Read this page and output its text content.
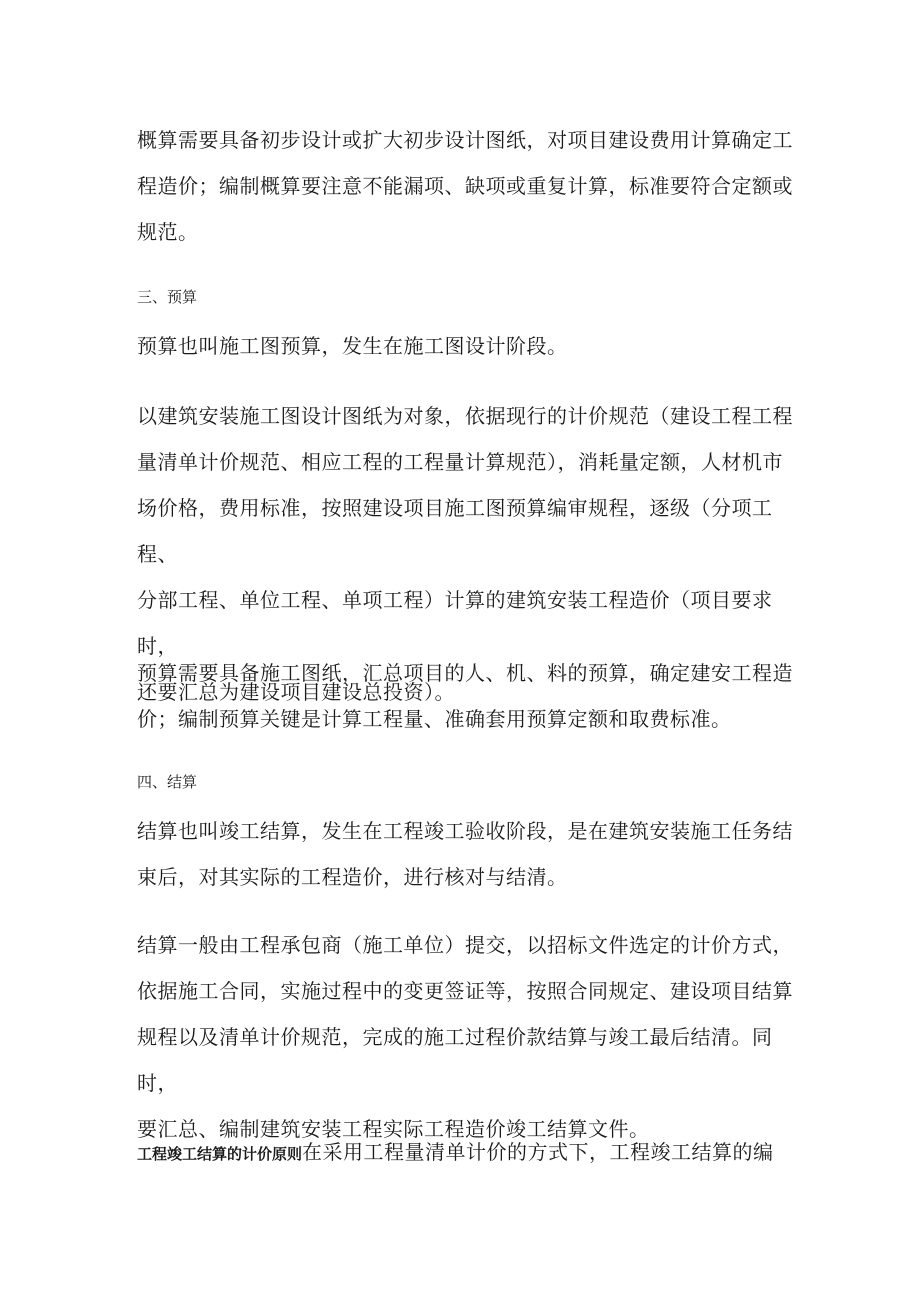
概算需要具备初步设计或扩大初步设计图纸，对项目建设费用计算确定工
程造价；编制概算要注意不能漏项、缺项或重复计算，标准要符合定额或
规范。

三、预算

预算也叫施工图预算，发生在施工图设计阶段。

以建筑安装施工图设计图纸为对象，依据现行的计价规范（建设工程工程
量清单计价规范、相应工程的工程量计算规范），消耗量定额，人材机市
场价格，费用标准，按照建设项目施工图预算编审规程，逐级（分项工程、
分部工程、单位工程、单项工程）计算的建筑安装工程造价（项目要求时，
还要汇总为建设项目建设总投资）。

预算需要具备施工图纸，汇总项目的人、机、料的预算，确定建安工程造
价；编制预算关键是计算工程量、准确套用预算定额和取费标准。

四、结算

结算也叫竣工结算，发生在工程竣工验收阶段，是在建筑安装施工任务结
束后，对其实际的工程造价，进行核对与结清。

结算一般由工程承包商（施工单位）提交，以招标文件选定的计价方式，
依据施工合同，实施过程中的变更签证等，按照合同规定、建设项目结算
规程以及清单计价规范，完成的施工过程价款结算与竣工最后结清。同时，
要汇总、编制建筑安装工程实际工程造价竣工结算文件。

工程竣工结算的计价原则在采用工程量清单计价的方式下，工程竣工结算的编
